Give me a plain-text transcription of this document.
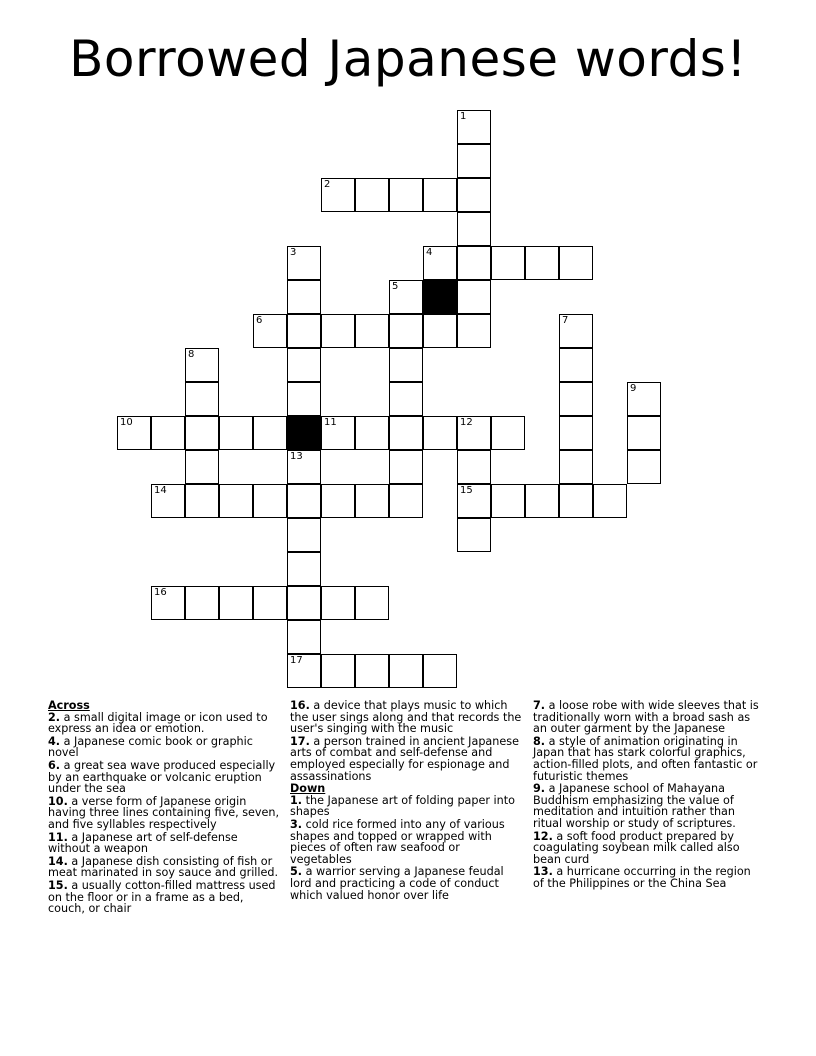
Borrowed Japanese words!
1
2
3	4
5
6	7
8
9
10	11	12
13
14	15
16
17
Across
2. a small digital image or icon used to express an idea or emotion.
4. a Japanese comic book or graphic novel
6. a great sea wave produced especially by an earthquake or volcanic eruption under the sea
10. a verse form of Japanese origin having three lines containing five, seven, and five syllables respectively
11. a Japanese art of self-defense without a weapon
14. a Japanese dish consisting of fish or meat marinated in soy sauce and grilled.
15. a usually cotton-filled mattress used on the floor or in a frame as a bed, couch, or chair
16. a device that plays music to which the user sings along and that records the user's singing with the music
17. a person trained in ancient Japanese arts of combat and self-defense and employed especially for espionage and assassinations
Down
1. the Japanese art of folding paper into shapes
3. cold rice formed into any of various shapes and topped or wrapped with pieces of often raw seafood or vegetables
5. a warrior serving a Japanese feudal lord and practicing a code of conduct which valued honor over life
7. a loose robe with wide sleeves that is traditionally worn with a broad sash as an outer garment by the Japanese
8. a style of animation originating in Japan that has stark colorful graphics, action-filled plots, and often fantastic or futuristic themes
9. a Japanese school of Mahayana Buddhism emphasizing the value of meditation and intuition rather than ritual worship or study of scriptures.
12. a soft food product prepared by coagulating soybean milk called also bean curd
13. a hurricane occurring in the region of the Philippines or the China Sea
